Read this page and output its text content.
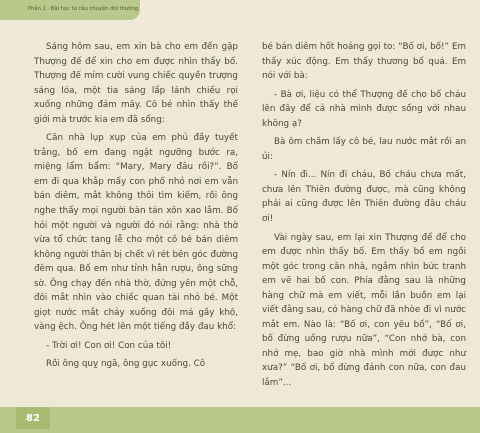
Phần 1 · Bài học từ câu chuyện đời thường

Sáng hôm sau, em xin bà cho em đến gặp Thượng đế để xin cho em được nhìn thấy bố. Thượng đế mỉm cười vung chiếc quyền trượng sáng lóa, một tia sáng lấp lánh chiếu rọi xuống những đám mây. Cô bé nhìn thấy thế giới mà trước kia em đã sống:

Căn nhà lụp xụp của em phủ đầy tuyết trắng, bố em đang ngật ngưỡng bước ra, miệng lẩm bẩm: “Mary, Mary đâu rồi?”. Bố em đi qua khắp mấy con phố nhỏ nơi em vẫn bán diêm, mắt không thôi tìm kiếm, rồi ông nghe thấy mọi người bàn tán xôn xao lắm. Bố hỏi một người và người đó nói rằng: nhà thờ vừa tổ chức tang lễ cho một cô bé bán diêm không người thân bị chết vì rét bên góc đường đêm qua. Bố em như tỉnh hẳn rượu, ông sững sờ. Ông chạy đến nhà thờ, đứng yên một chỗ, đôi mắt nhìn vào chiếc quan tài nhỏ bé. Một giọt nước mắt chảy xuống đôi má gầy khô, vàng ệch. Ông hét lên một tiếng đầy đau khổ:

- Trời ơi! Con ơi! Con của tôi!

Rồi ông quỵ ngã, ông gục xuống. Cô

bé bán diêm hốt hoảng gọi to: “Bố ơi, bố!” Em thấy xúc động. Em thấy thương bố quá. Em nói với bà:

- Bà ơi, liệu có thể Thượng đế cho bố cháu lên đây để cả nhà mình được sống với nhau không ạ?

Bà ôm chầm lấy cô bé, lau nước mắt rồi an ủi:

- Nín đi... Nín đi cháu, Bố cháu chưa mất, chưa lên Thiên đường được, mà cũng không phải ai cũng được lên Thiên đường đâu cháu ơi!

Vài ngày sau, em lại xin Thượng đế để cho em được nhìn thấy bố. Em thấy bố em ngồi một góc trong căn nhà, ngắm nhìn bức tranh em vẽ hai bố con. Phía đằng sau là những hàng chữ mà em viết, mỗi lần buồn em lại viết đằng sau, có hàng chữ đã nhòe đi vì nước mắt em. Nào là: “Bố ơi, con yêu bố”, “Bố ơi, bố đừng uống rượu nữa”, “Con nhớ bà, con nhớ mẹ, bao giờ nhà mình mới được như xưa?” “Bố ơi, bố đừng đánh con nữa, con đau lắm”...

82
